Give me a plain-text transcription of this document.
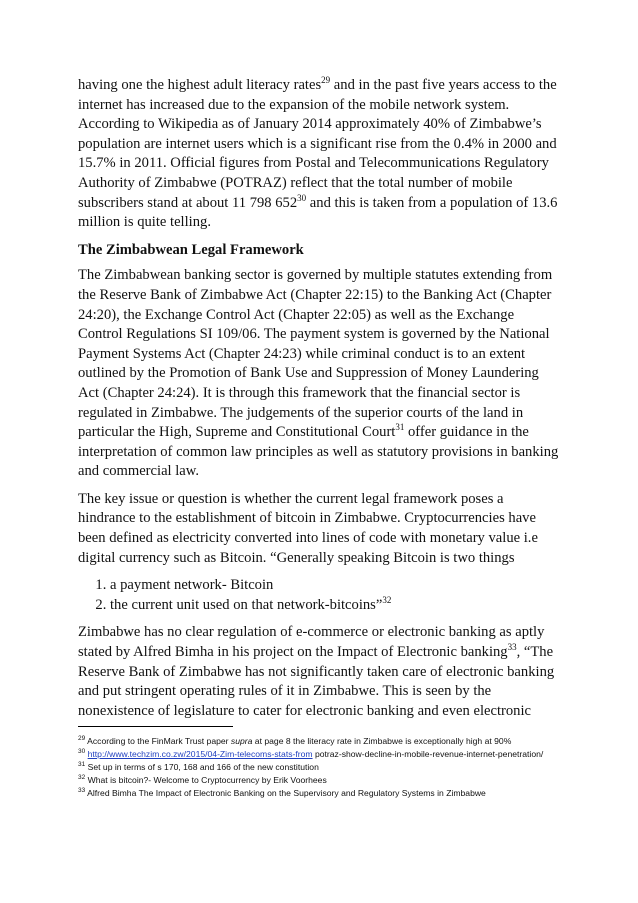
having one the highest adult literacy rates$^{29}$ and in the past five years access to the internet has increased due to the expansion of the mobile network system. According to Wikipedia as of January 2014 approximately 40% of Zimbabwe’s population are internet users which is a significant rise from the 0.4% in 2000 and 15.7% in 2011. Official figures from Postal and Telecommunications Regulatory Authority of Zimbabwe (POTRAZ) reflect that the total number of mobile subscribers stand at about 11 798 $652^{30}$ and this is taken from a population of 13.6 million is quite telling.

The Zimbabwean Legal Framework

The Zimbabwean banking sector is governed by multiple statutes extending from the Reserve Bank of Zimbabwe Act (Chapter 22:15) to the Banking Act (Chapter 24:20), the Exchange Control Act (Chapter 22:05) as well as the Exchange Control Regulations SI 109/06. The payment system is governed by the National Payment Systems Act (Chapter 24:23) while criminal conduct is to an extent outlined by the Promotion of Bank Use and Suppression of Money Laundering Act (Chapter 24:24). It is through this framework that the financial sector is regulated in Zimbabwe. The judgements of the superior courts of the land in particular the High, Supreme and Constitutional Court$^{31}$ offer guidance in the interpretation of common law principles as well as statutory provisions in banking and commercial law.

The key issue or question is whether the current legal framework poses a hindrance to the establishment of bitcoin in Zimbabwe. Cryptocurrencies have been defined as electricity converted into lines of code with monetary value i.e digital currency such as Bitcoin. “Generally speaking Bitcoin is two things

1. a payment network- Bitcoin
2. the current unit used on that network-bitcoins”$^{32}$

Zimbabwe has no clear regulation of e-commerce or electronic banking as aptly stated by Alfred Bimha in his project on the Impact of Electronic banking$^{33}$, “The Reserve Bank of Zimbabwe has not significantly taken care of electronic banking and put stringent operating rules of it in Zimbabwe. This is seen by the nonexistence of legislature to cater for electronic banking and even electronic

$^{29}$ According to the FinMark Trust paper supra at page 8 the literacy rate in Zimbabwe is exceptionally high at 90%

$^{30}$ http://www.techzim.co.zw/2015/04-Zim-telecoms-stats-from potraz-show-decline-in-mobile-revenue-internet-penetration/

$^{31}$ Set up in terms of s 170, 168 and 166 of the new constitution

$^{32}$ What is bitcoin?- Welcome to Cryptocurrency by Erik Voorhees

$^{33}$ Alfred Bimha The Impact of Electronic Banking on the Supervisory and Regulatory Systems in Zimbabwe
